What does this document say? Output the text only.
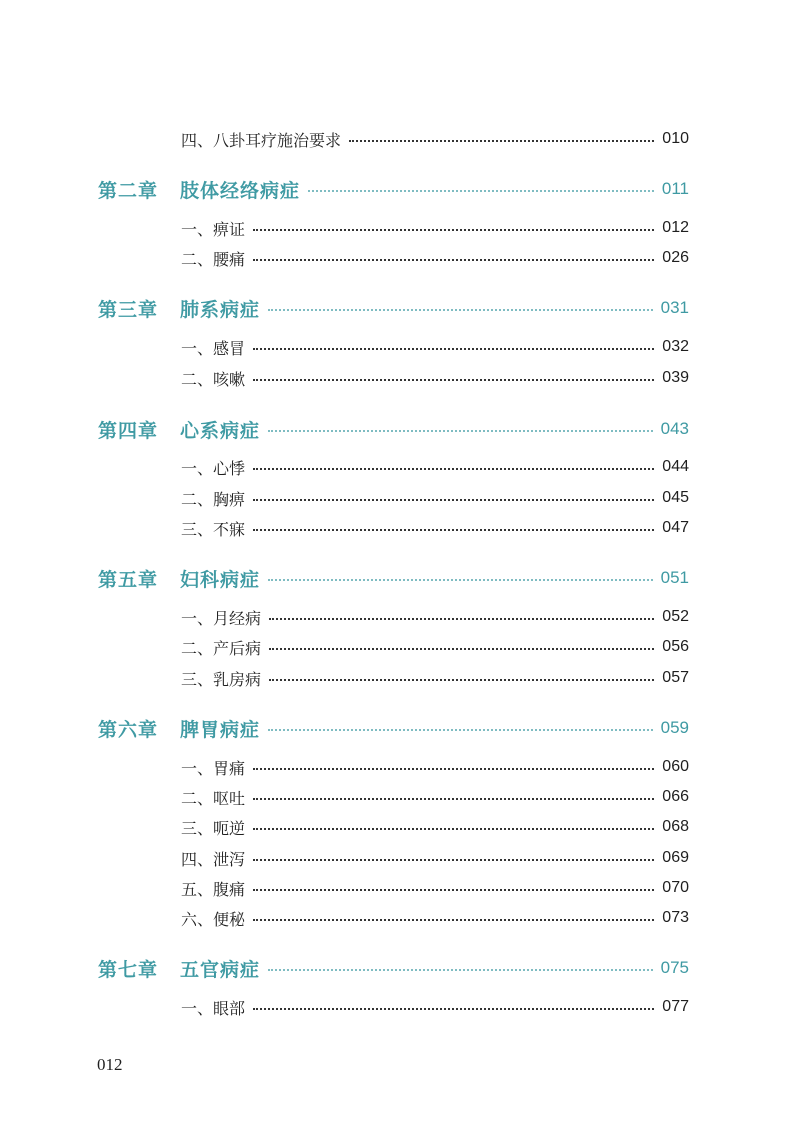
四、八卦耳疗施治要求	010
第二章	肢体经络病症	011
一、痹证	012
二、腰痛	026
第三章	肺系病症	031
一、感冒	032
二、咳嗽	039
第四章	心系病症	043
一、心悸	044
二、胸痹	045
三、不寐	047
第五章	妇科病症	051
一、月经病	052
二、产后病	056
三、乳房病	057
第六章	脾胃病症	059
一、胃痛	060
二、呕吐	066
三、呃逆	068
四、泄泻	069
五、腹痛	070
六、便秘	073
第七章	五官病症	075
一、眼部	077
012
